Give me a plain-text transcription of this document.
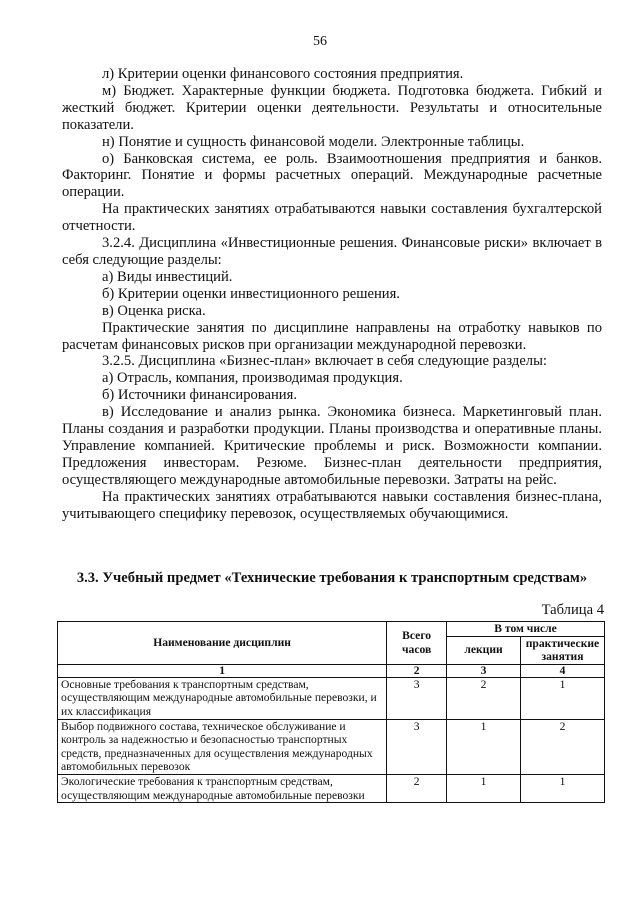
56

л) Критерии оценки финансового состояния предприятия.

м) Бюджет. Характерные функции бюджета. Подготовка бюджета. Гибкий и жесткий бюджет. Критерии оценки деятельности. Результаты и относительные показатели.

н) Понятие и сущность финансовой модели. Электронные таблицы.

о) Банковская система, ее роль. Взаимоотношения предприятия и банков. Факторинг. Понятие и формы расчетных операций. Международные расчетные операции.

На практических занятиях отрабатываются навыки составления бухгалтерской отчетности.

3.2.4. Дисциплина «Инвестиционные решения. Финансовые риски» включает в себя следующие разделы:

а) Виды инвестиций.

б) Критерии оценки инвестиционного решения.

в) Оценка риска.

Практические занятия по дисциплине направлены на отработку навыков по расчетам финансовых рисков при организации международной перевозки.

3.2.5. Дисциплина «Бизнес-план» включает в себя следующие разделы:

а) Отрасль, компания, производимая продукция.

б) Источники финансирования.

в) Исследование и анализ рынка. Экономика бизнеса. Маркетинговый план. Планы создания и разработки продукции. Планы производства и оперативные планы. Управление компанией. Критические проблемы и риск. Возможности компании. Предложения инвесторам. Резюме. Бизнес-план деятельности предприятия, осуществляющего международные автомобильные перевозки. Затраты на рейс.

На практических занятиях отрабатываются навыки составления бизнес-плана, учитывающего специфику перевозок, осуществляемых обучающимися.

3.3. Учебный предмет «Технические требования к транспортным средствам»
Таблица 4
Наименование дисциплин	Всего часов	В том числе	
		лекции	практические занятия
1	2	3	4
Основные требования к транспортным средствам, осуществляющим международные автомобильные перевозки, и их классификация	3	2	1
Выбор подвижного состава, техническое обслуживание и контроль за надежностью и безопасностью транспортных средств, предназначенных для осуществления международных автомобильных перевозок	3	1	2
Экологические требования к транспортным средствам, осуществляющим международные автомобильные перевозки	2	1	1
